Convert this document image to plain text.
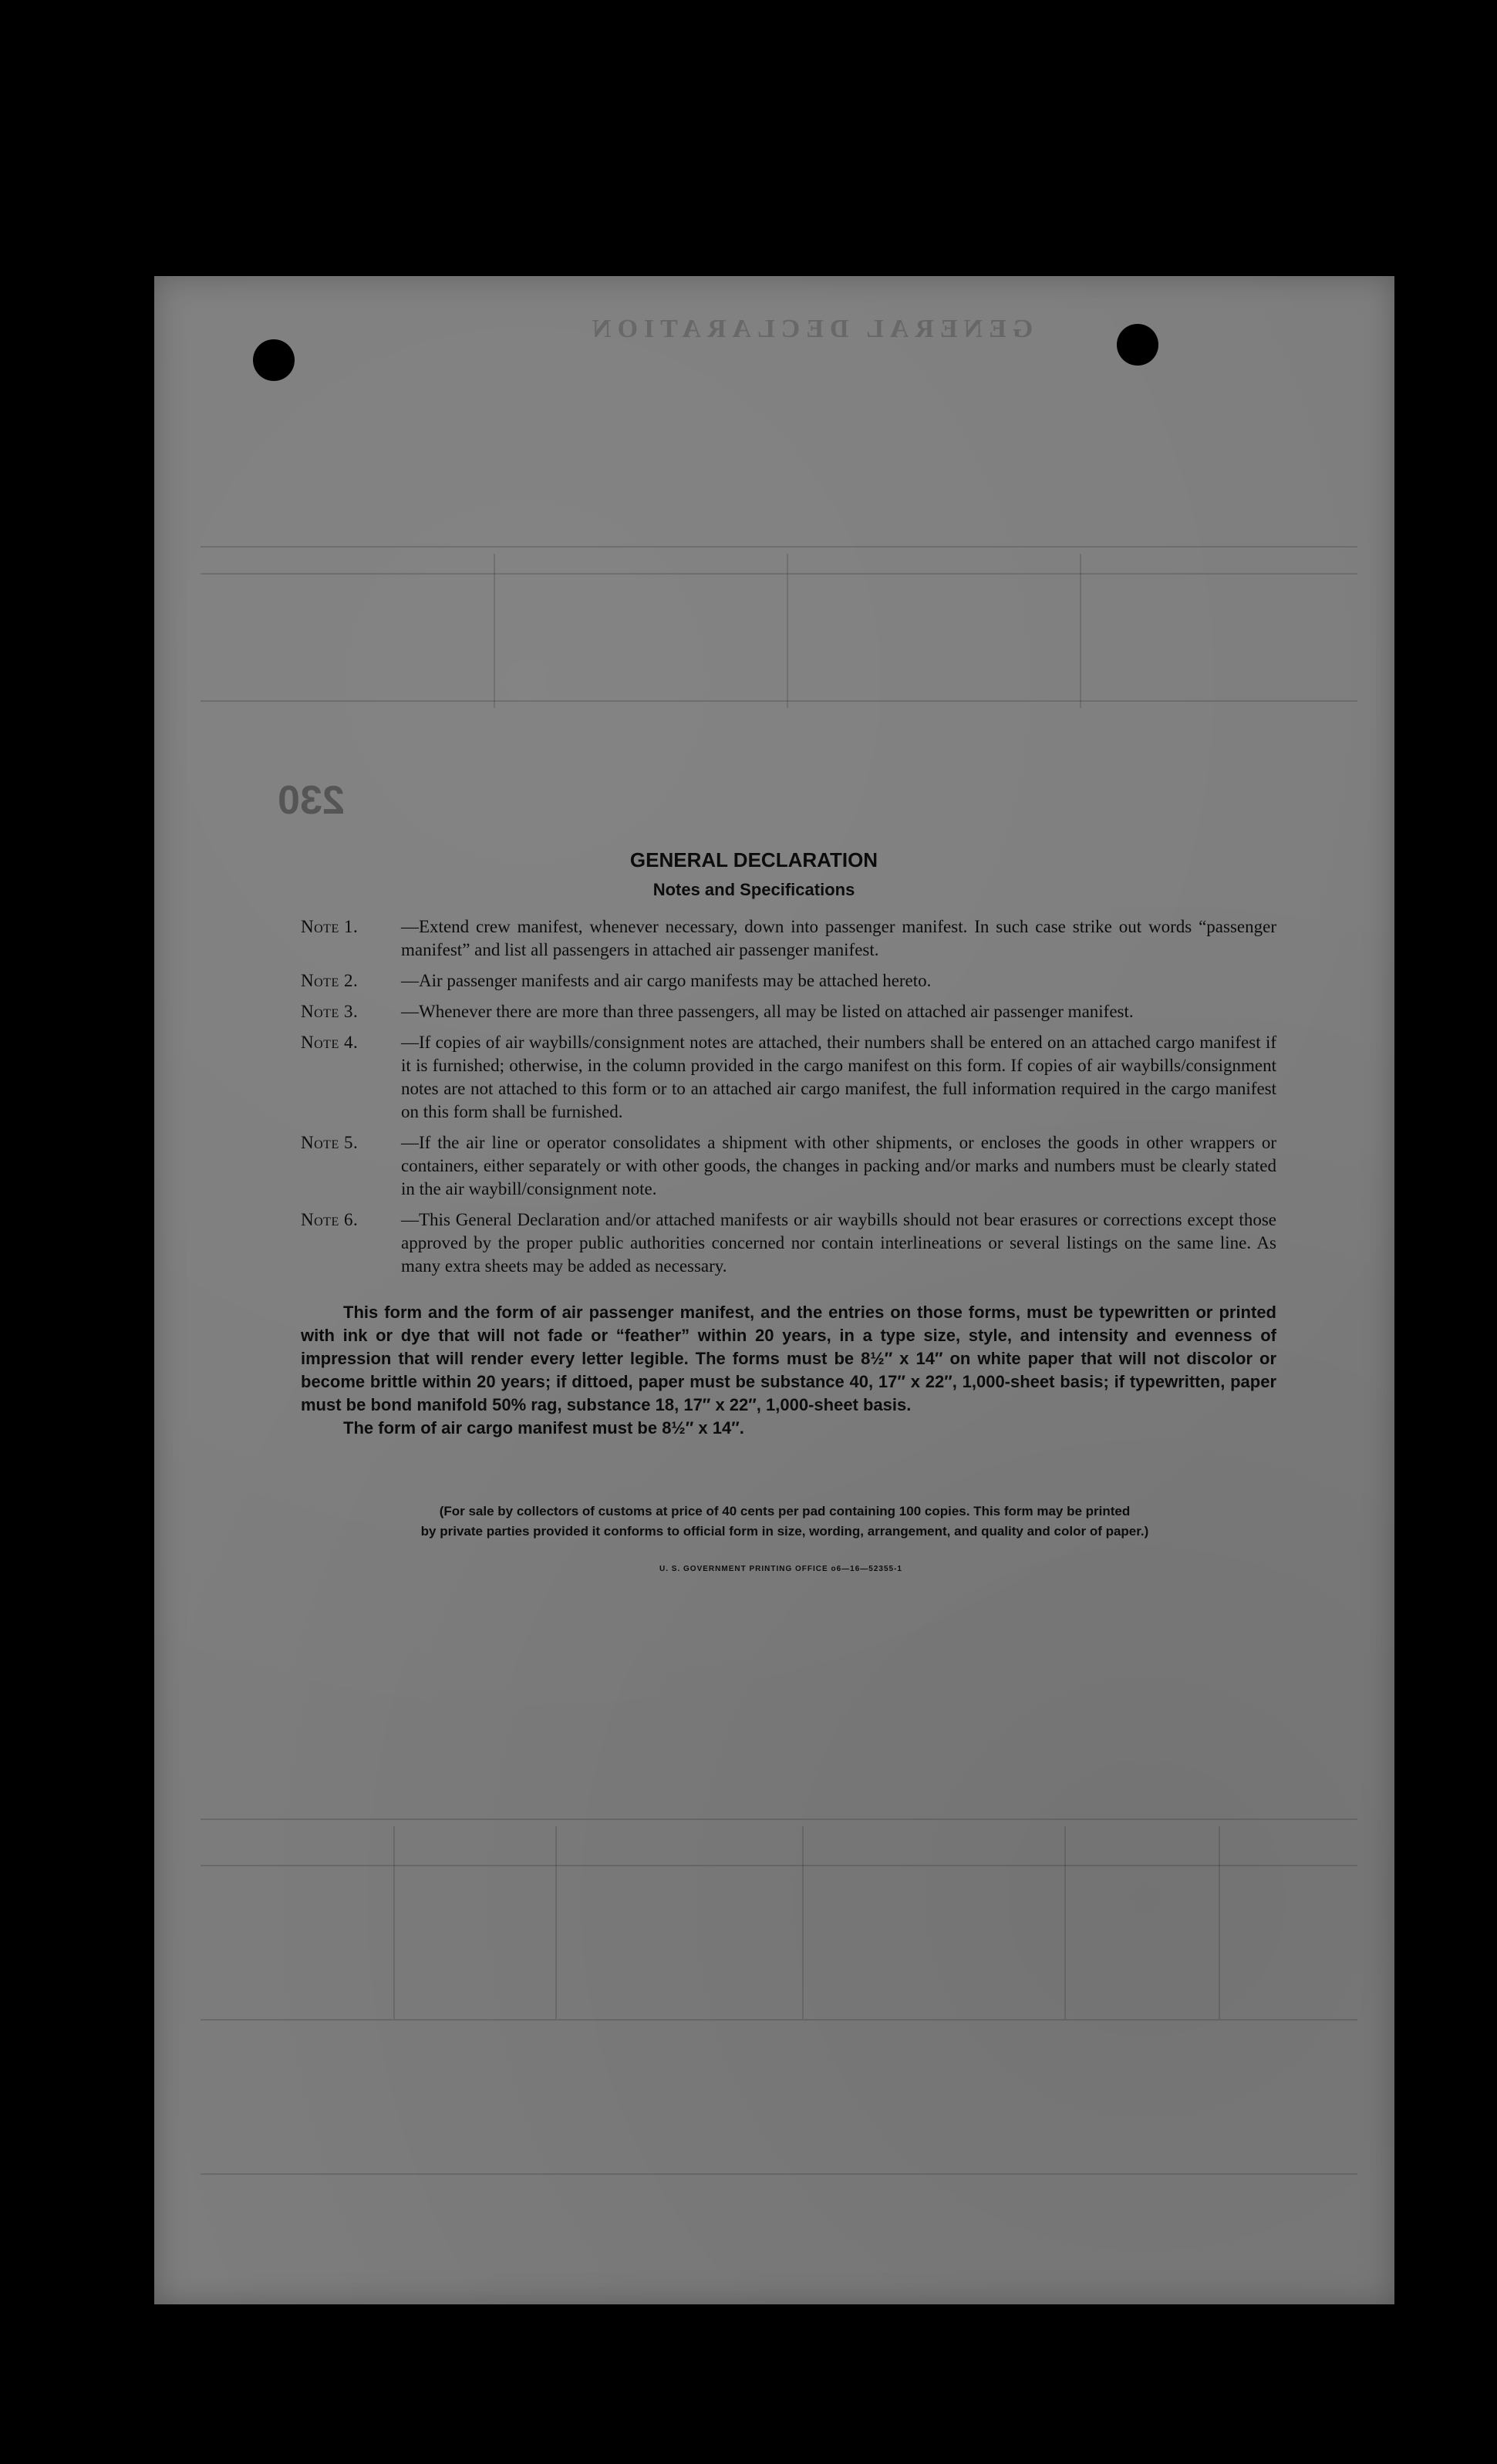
GENERAL DECLARATION
230
GENERAL DECLARATION
Notes and Specifications
Note 1.	—Extend crew manifest, whenever necessary, down into passenger manifest. In such case strike out words “passenger manifest” and list all passengers in attached air passenger manifest.
Note 2.	—Air passenger manifests and air cargo manifests may be attached hereto.
Note 3.	—Whenever there are more than three passengers, all may be listed on attached air passenger manifest.
Note 4.	—If copies of air waybills/consignment notes are attached, their numbers shall be entered on an attached cargo manifest if it is furnished; otherwise, in the column provided in the cargo manifest on this form. If copies of air waybills/consignment notes are not attached to this form or to an attached air cargo manifest, the full information required in the cargo manifest on this form shall be furnished.
Note 5.	—If the air line or operator consolidates a shipment with other shipments, or encloses the goods in other wrappers or containers, either separately or with other goods, the changes in packing and/or marks and numbers must be clearly stated in the air waybill/consignment note.
Note 6.	—This General Declaration and/or attached manifests or air waybills should not bear erasures or corrections except those approved by the proper public authorities concerned nor contain interlineations or several listings on the same line. As many extra sheets may be added as necessary.
This form and the form of air passenger manifest, and the entries on those forms, must be typewritten or printed with ink or dye that will not fade or “feather” within 20 years, in a type size, style, and intensity and evenness of impression that will render every letter legible. The forms must be 8½″ x 14″ on white paper that will not discolor or become brittle within 20 years; if dittoed, paper must be substance 40, 17″ x 22″, 1,000-sheet basis; if typewritten, paper must be bond manifold 50% rag, substance 18, 17″ x 22″, 1,000-sheet basis.
The form of air cargo manifest must be 8½″ x 14″.
(For sale by collectors of customs at price of 40 cents per pad containing 100 copies. This form may be printed
by private parties provided it conforms to official form in size, wording, arrangement, and quality and color of paper.)
U. S. GOVERNMENT PRINTING OFFICE o6—16—52355-1
